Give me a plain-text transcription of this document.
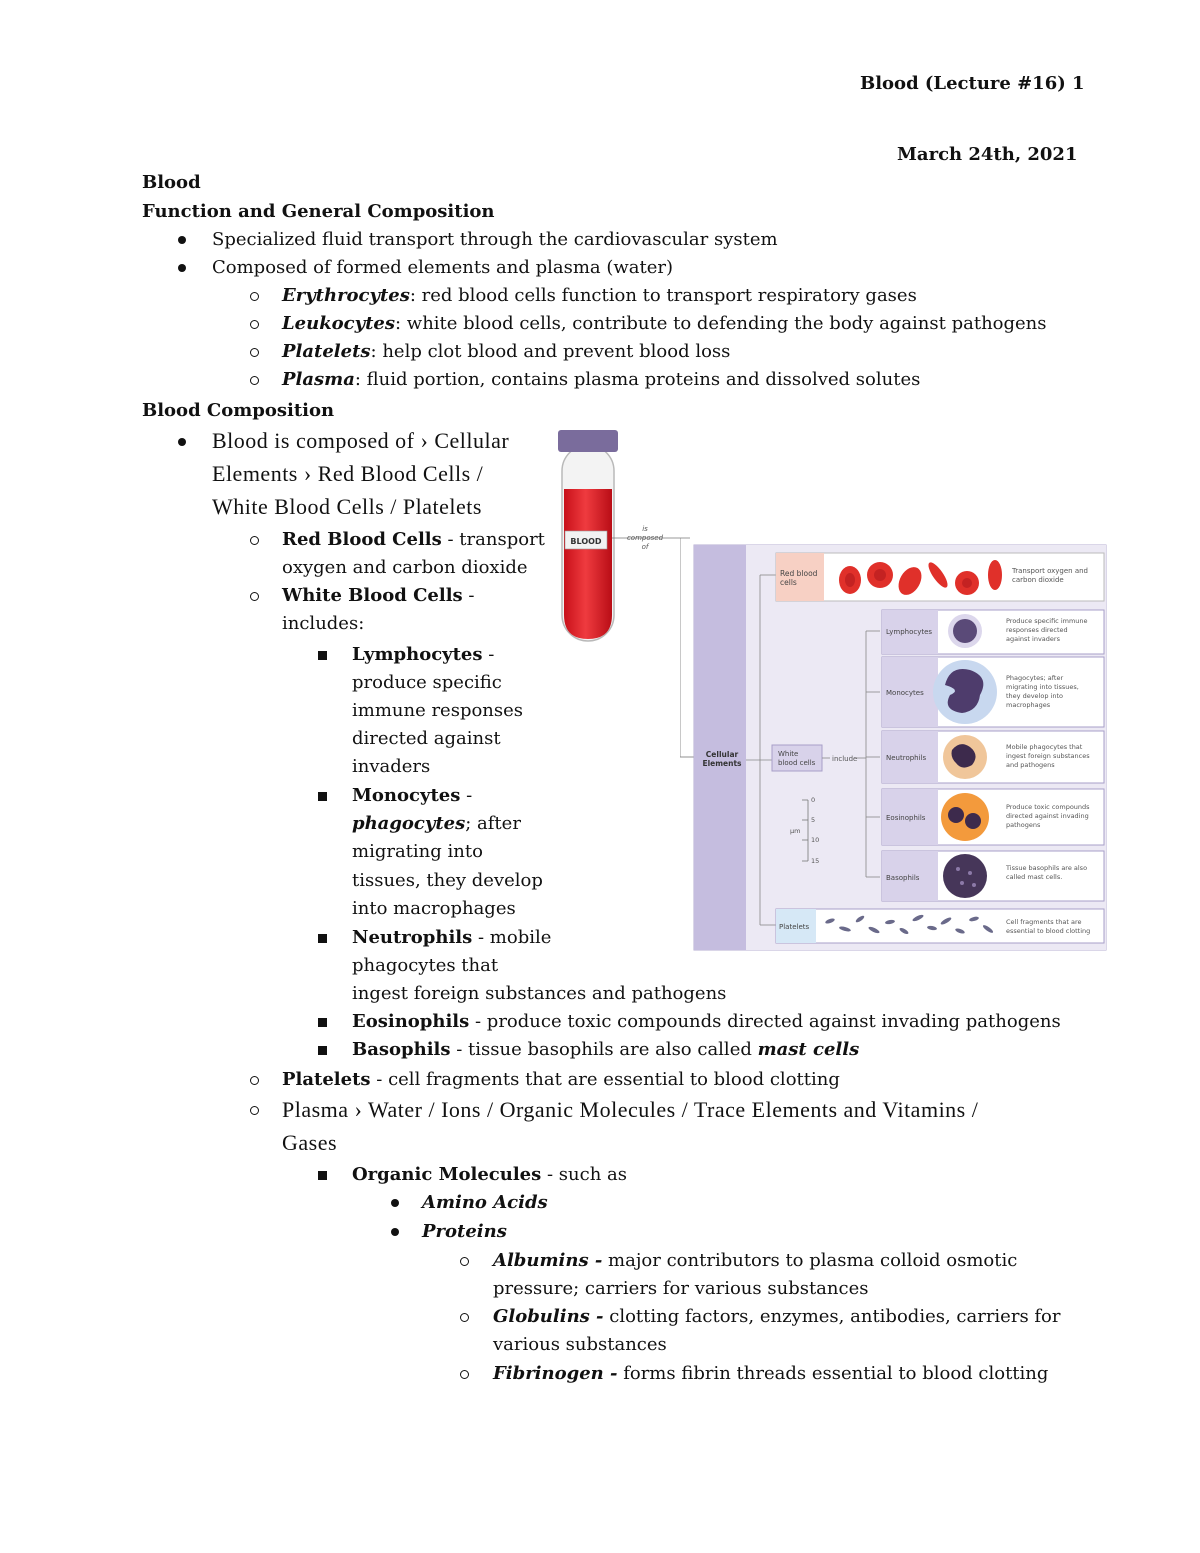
Blood (Lecture #16) 1
March 24th, 2021
Blood
Function and General Composition
Specialized fluid transport through the cardiovascular system
Composed of formed elements and plasma (water)
Erythrocytes: red blood cells function to transport respiratory gases
Leukocytes: white blood cells, contribute to defending the body against pathogens
Platelets: help clot blood and prevent blood loss
Plasma: fluid portion, contains plasma proteins and dissolved solutes
Blood Composition
Blood is composed of › Cellular
Elements › Red Blood Cells /
White Blood Cells / Platelets
Red Blood Cells - transport
oxygen and carbon dioxide
White Blood Cells -
includes:
Lymphocytes -
produce specific
immune responses
directed against
invaders
Monocytes -
phagocytes; after
migrating into
tissues, they develop
into macrophages
Neutrophils - mobile
phagocytes that
ingest foreign substances and pathogens
Eosinophils - produce toxic compounds directed against invading pathogens
Basophils - tissue basophils are also called mast cells
Platelets - cell fragments that are essential to blood clotting
Plasma › Water / Ions / Organic Molecules / Trace Elements and Vitamins /
Gases
Organic Molecules - such as
Amino Acids
Proteins
Albumins - major contributors to plasma colloid osmotic
pressure; carriers for various substances
Globulins - clotting factors, enzymes, antibodies, carriers for
various substances
Fibrinogen - forms fibrin threads essential to blood clotting
BLOOD
is
composed
of
Cellular
Elements
Red blood
cells
Transport oxygen and
carbon dioxide
White
blood cells include
Lymphocytes
Produce specific immune
responses directed
against invaders
Monocytes
Phagocytes; after
migrating into tissues,
they develop into
macrophages
Neutrophils
Mobile phagocytes that
ingest foreign substances
and pathogens
Eosinophils
Produce toxic compounds
directed against invading
pathogens
Basophils
Tissue basophils are also
called mast cells.
0
5
10
15
μm
Platelets
Cell fragments that are
essential to blood clotting
